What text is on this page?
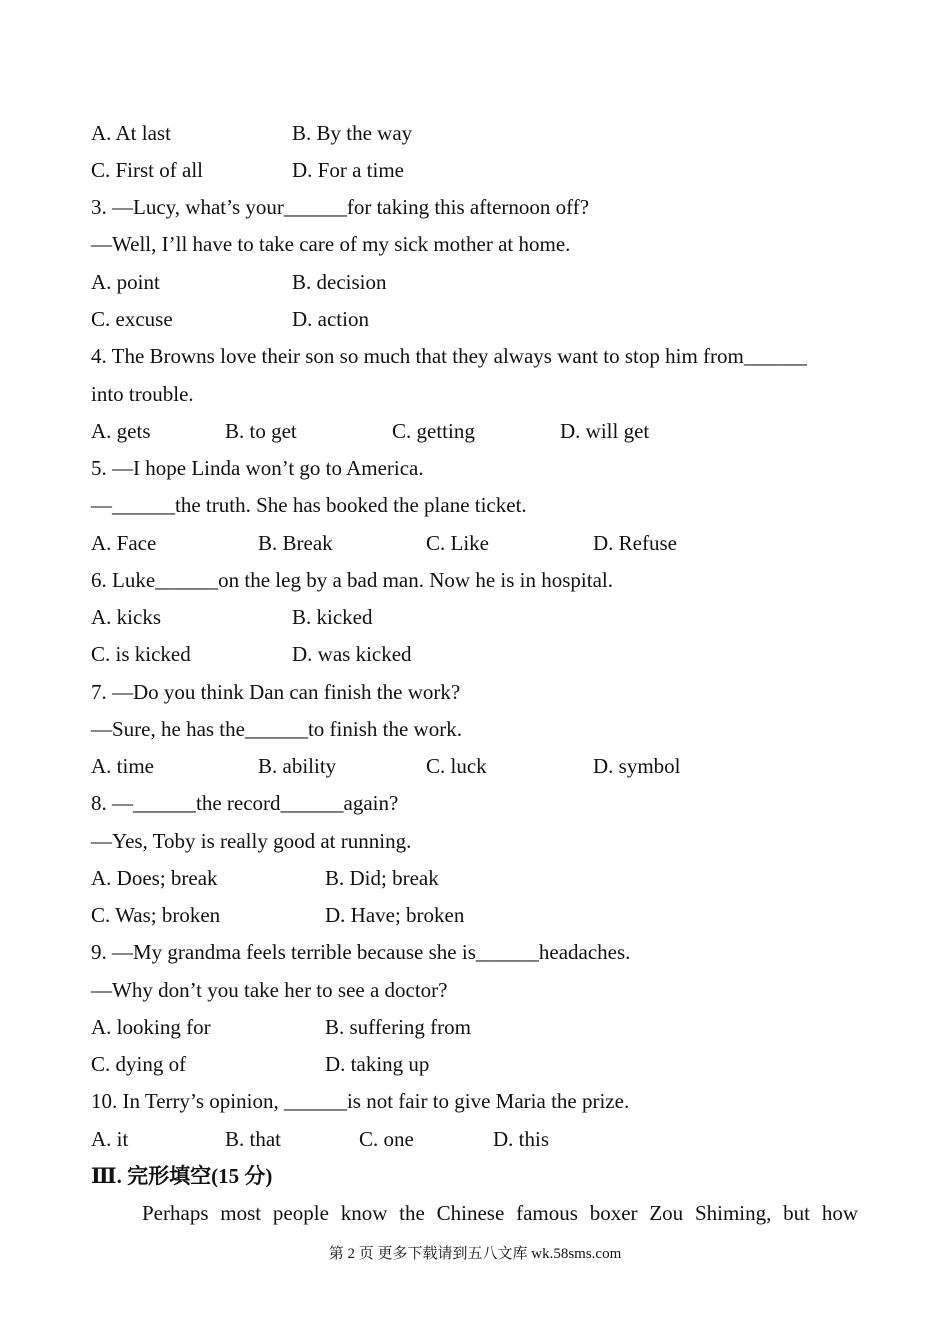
A. At last	B. By the way
C. First of all	D. For a time
3. —Lucy, what’s your______for taking this afternoon off?
—Well, I’ll have to take care of my sick mother at home.
A. point	B. decision
C. excuse	D. action
4. The Browns love their son so much that they always want to stop him from______
into trouble.
A. gets	B. to get	C. getting	D. will get
5. —I hope Linda won’t go to America.
—______the truth. She has booked the plane ticket.
A. Face	B. Break	C. Like	D. Refuse
6. Luke______on the leg by a bad man. Now he is in hospital.
A. kicks	B. kicked
C. is kicked	D. was kicked
7. —Do you think Dan can finish the work?
—Sure, he has the______to finish the work.
A. time	B. ability	C. luck	D. symbol
8. —______the record______again?
—Yes, Toby is really good at running.
A. Does; break	B. Did; break
C. Was; broken	D. Have; broken
9. —My grandma feels terrible because she is______headaches.
—Why don’t you take her to see a doctor?
A. looking for	B. suffering from
C. dying of	D. taking up
10. In Terry’s opinion, ______is not fair to give Maria the prize.
A. it	B. that	C. one	D. this
Ⅲ. 完形填空(15 分)
Perhaps most people know the Chinese famous boxer Zou Shiming, but how
第 2 页 更多下载请到五八文库 wk.58sms.com
